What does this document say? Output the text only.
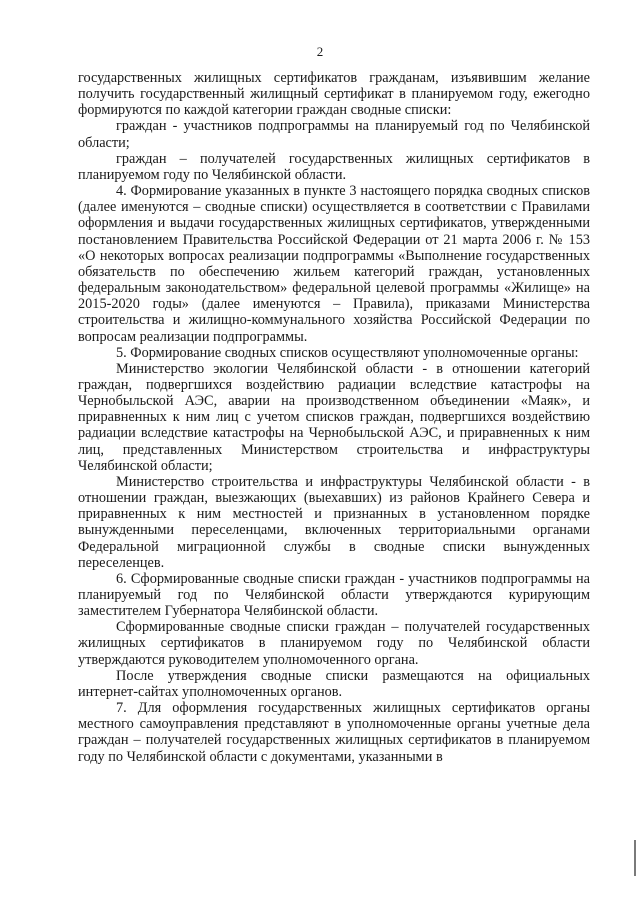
2

государственных жилищных сертификатов гражданам, изъявившим желание получить государственный жилищный сертификат в планируемом году, ежегодно формируются по каждой категории граждан сводные списки:

граждан - участников подпрограммы на планируемый год по Челябинской области;

граждан – получателей государственных жилищных сертификатов в планируемом году по Челябинской области.

4. Формирование указанных в пункте 3 настоящего порядка сводных списков (далее именуются – сводные списки) осуществляется в соответствии с Правилами оформления и выдачи государственных жилищных сертификатов, утвержденными постановлением Правительства Российской Федерации от 21 марта 2006 г. № 153 «О некоторых вопросах реализации подпрограммы «Выполнение государственных обязательств по обеспечению жильем категорий граждан, установленных федеральным законодательством» федеральной целевой программы «Жилище» на 2015-2020 годы» (далее именуются – Правила), приказами Министерства строительства и жилищно-коммунального хозяйства Российской Федерации по вопросам реализации подпрограммы.

5. Формирование сводных списков осуществляют уполномоченные органы:

Министерство экологии Челябинской области - в отношении категорий граждан, подвергшихся воздействию радиации вследствие катастрофы на Чернобыльской АЭС, аварии на производственном объединении «Маяк», и приравненных к ним лиц с учетом списков граждан, подвергшихся воздействию радиации вследствие катастрофы на Чернобыльской АЭС, и приравненных к ним лиц, представленных Министерством строительства и инфраструктуры Челябинской области;

Министерство строительства и инфраструктуры Челябинской области - в отношении граждан, выезжающих (выехавших) из районов Крайнего Севера и приравненных к ним местностей и признанных в установленном порядке вынужденными переселенцами, включенных территориальными органами Федеральной миграционной службы в сводные списки вынужденных переселенцев.

6. Сформированные сводные списки граждан - участников подпрограммы на планируемый год по Челябинской области утверждаются курирующим заместителем Губернатора Челябинской области.

Сформированные сводные списки граждан – получателей государственных жилищных сертификатов в планируемом году по Челябинской области утверждаются руководителем уполномоченного органа.

После утверждения сводные списки размещаются на официальных интернет-сайтах уполномоченных органов.

7. Для оформления государственных жилищных сертификатов органы местного самоуправления представляют в уполномоченные органы учетные дела граждан – получателей государственных жилищных сертификатов в планируемом году по Челябинской области с документами, указанными в
